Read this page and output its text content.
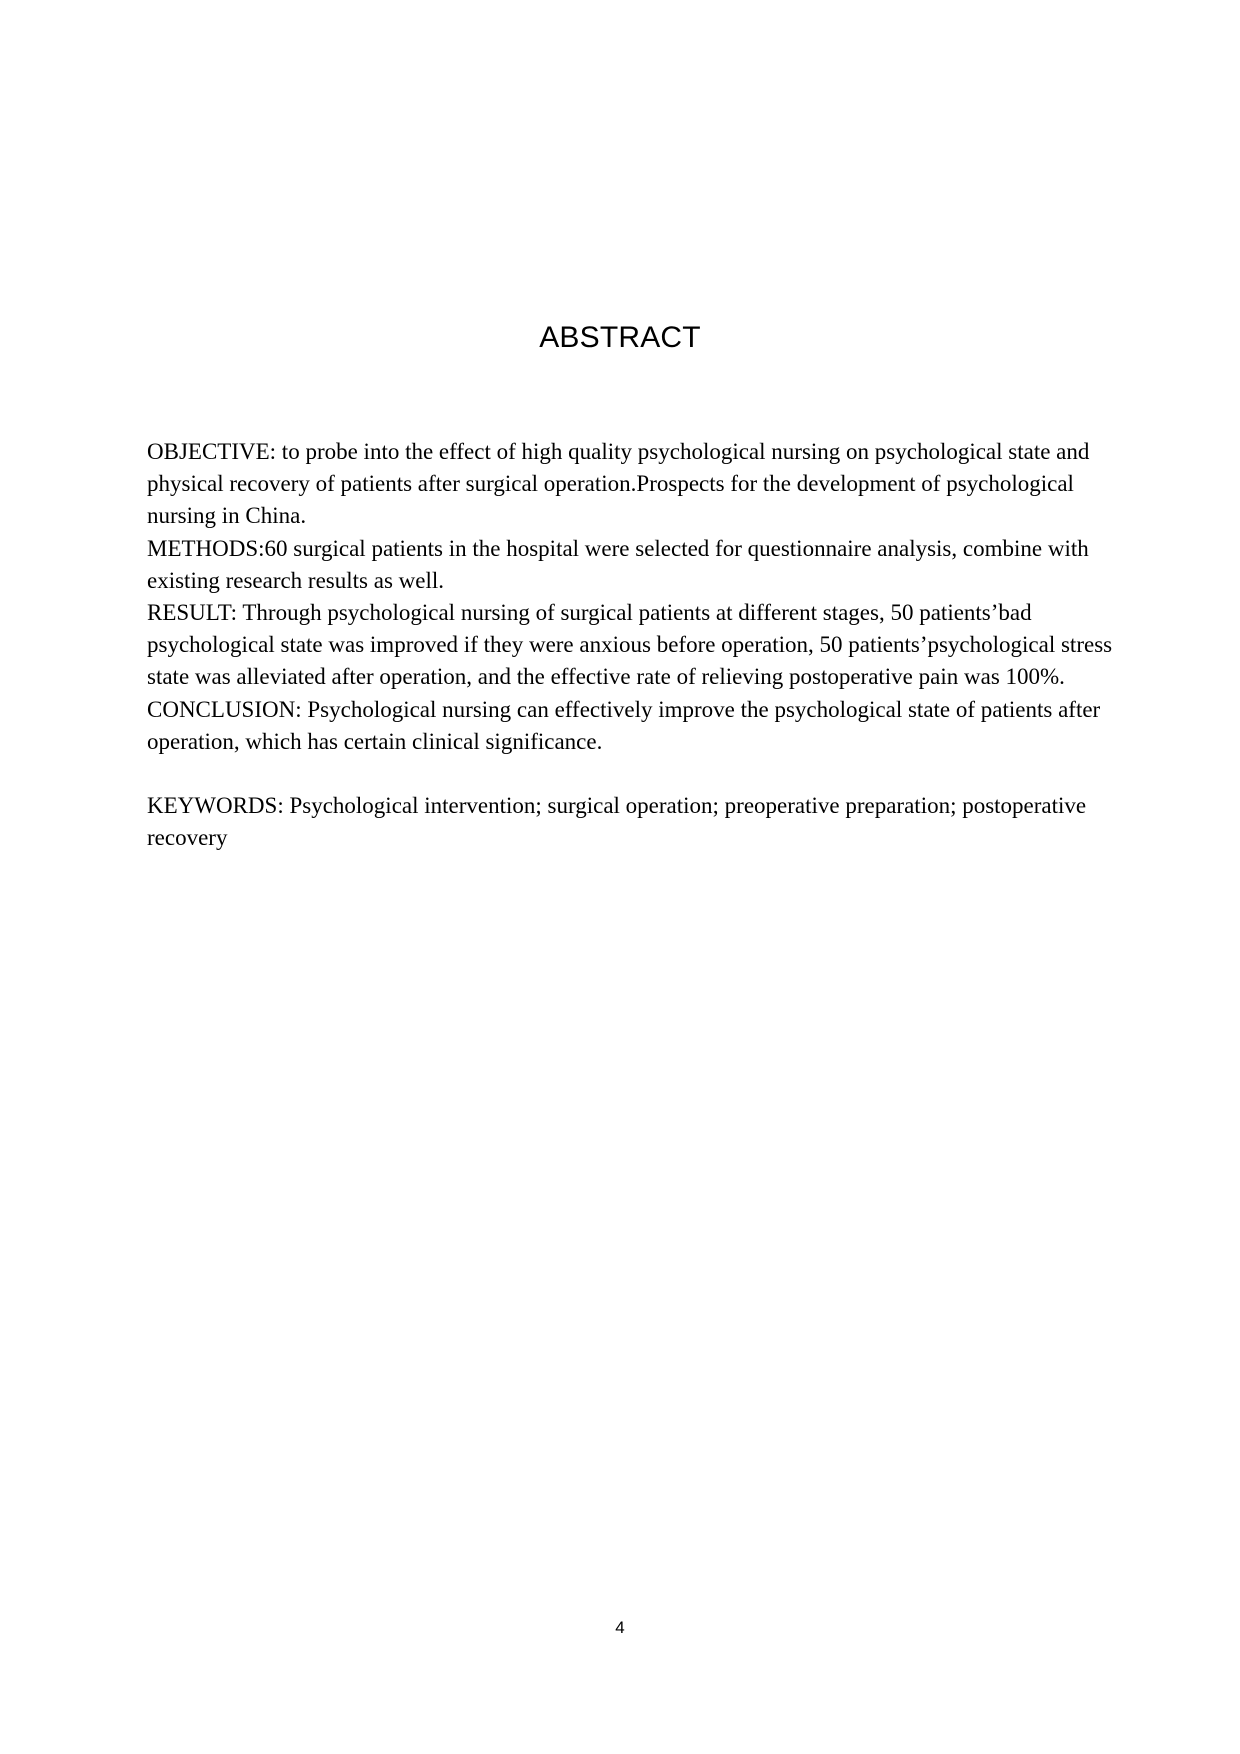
ABSTRACT

OBJECTIVE: to probe into the effect of high quality psychological nursing on psychological state and physical recovery of patients after surgical operation.Prospects for the development of psychological nursing in China.

METHODS:60 surgical patients in the hospital were selected for questionnaire analysis, combine with existing research results as well.

RESULT: Through psychological nursing of surgical patients at different stages, 50 patients’bad psychological state was improved if they were anxious before operation, 50 patients’psychological stress state was alleviated after operation, and the effective rate of relieving postoperative pain was 100%.

CONCLUSION: Psychological nursing can effectively improve the psychological state of patients after operation, which has certain clinical significance.

KEYWORDS: Psychological intervention; surgical operation; preoperative preparation; postoperative recovery

4
